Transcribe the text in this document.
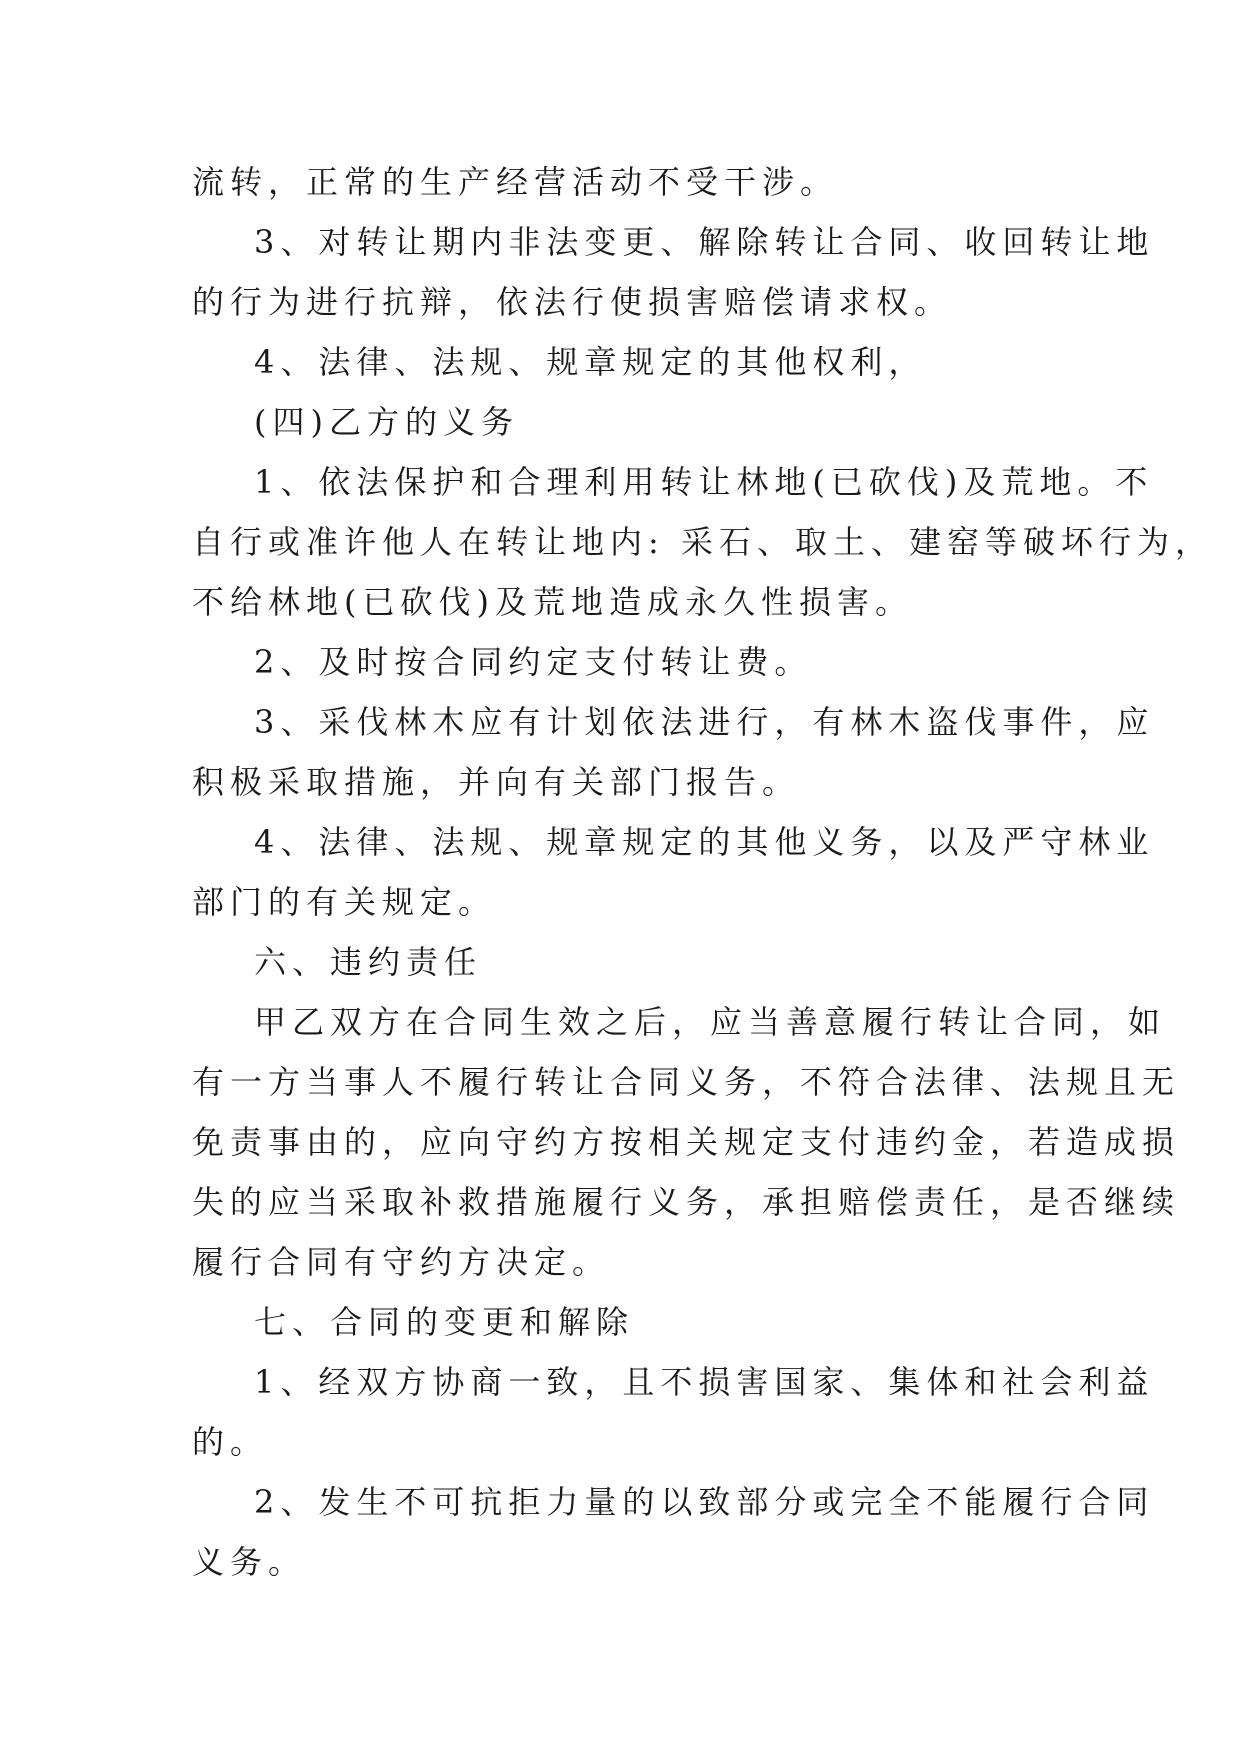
流转，正常的生产经营活动不受干涉。
3、对转让期内非法变更、解除转让合同、收回转让地
的行为进行抗辩，依法行使损害赔偿请求权。
4、法律、法规、规章规定的其他权利，
(四)乙方的义务
1、依法保护和合理利用转让林地(已砍伐)及荒地。不
自行或准许他人在转让地内: 采石、取土、建窑等破坏行为，
不给林地(已砍伐)及荒地造成永久性损害。
2、及时按合同约定支付转让费。
3、采伐林木应有计划依法进行，有林木盗伐事件，应
积极采取措施，并向有关部门报告。
4、法律、法规、规章规定的其他义务，以及严守林业
部门的有关规定。
六、违约责任
甲乙双方在合同生效之后，应当善意履行转让合同，如
有一方当事人不履行转让合同义务，不符合法律、法规且无
免责事由的，应向守约方按相关规定支付违约金，若造成损
失的应当采取补救措施履行义务，承担赔偿责任，是否继续
履行合同有守约方决定。
七、合同的变更和解除
1、经双方协商一致，且不损害国家、集体和社会利益
的。
2、发生不可抗拒力量的以致部分或完全不能履行合同
义务。
